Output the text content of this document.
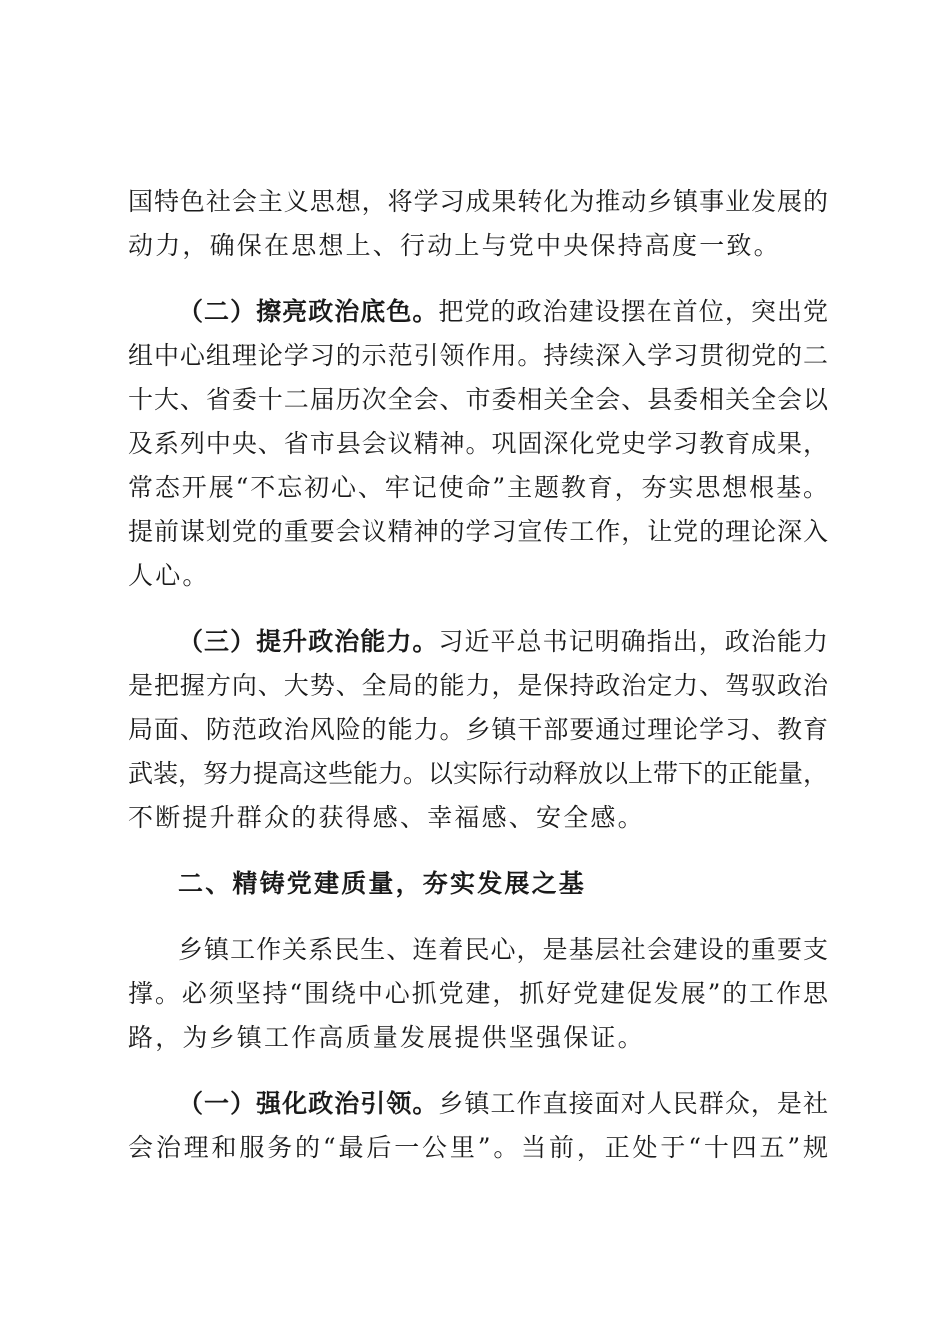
国特色社会主义思想，将学习成果转化为推动乡镇事业发展的
动力，确保在思想上、行动上与党中央保持高度一致。
（二）擦亮政治底色。把党的政治建设摆在首位，突出党
组中心组理论学习的示范引领作用。持续深入学习贯彻党的二
十大、省委十二届历次全会、市委相关全会、县委相关全会以
及系列中央、省市县会议精神。巩固深化党史学习教育成果，
常态开展“不忘初心、牢记使命”主题教育，夯实思想根基。
提前谋划党的重要会议精神的学习宣传工作，让党的理论深入
人心。
（三）提升政治能力。习近平总书记明确指出，政治能力
是把握方向、大势、全局的能力，是保持政治定力、驾驭政治
局面、防范政治风险的能力。乡镇干部要通过理论学习、教育
武装，努力提高这些能力。以实际行动释放以上带下的正能量，
不断提升群众的获得感、幸福感、安全感。
二、精铸党建质量，夯实发展之基
乡镇工作关系民生、连着民心，是基层社会建设的重要支
撑。必须坚持“围绕中心抓党建，抓好党建促发展”的工作思
路，为乡镇工作高质量发展提供坚强保证。
（一）强化政治引领。乡镇工作直接面对人民群众，是社
会治理和服务的“最后一公里”。当前，正处于“十四五”规
